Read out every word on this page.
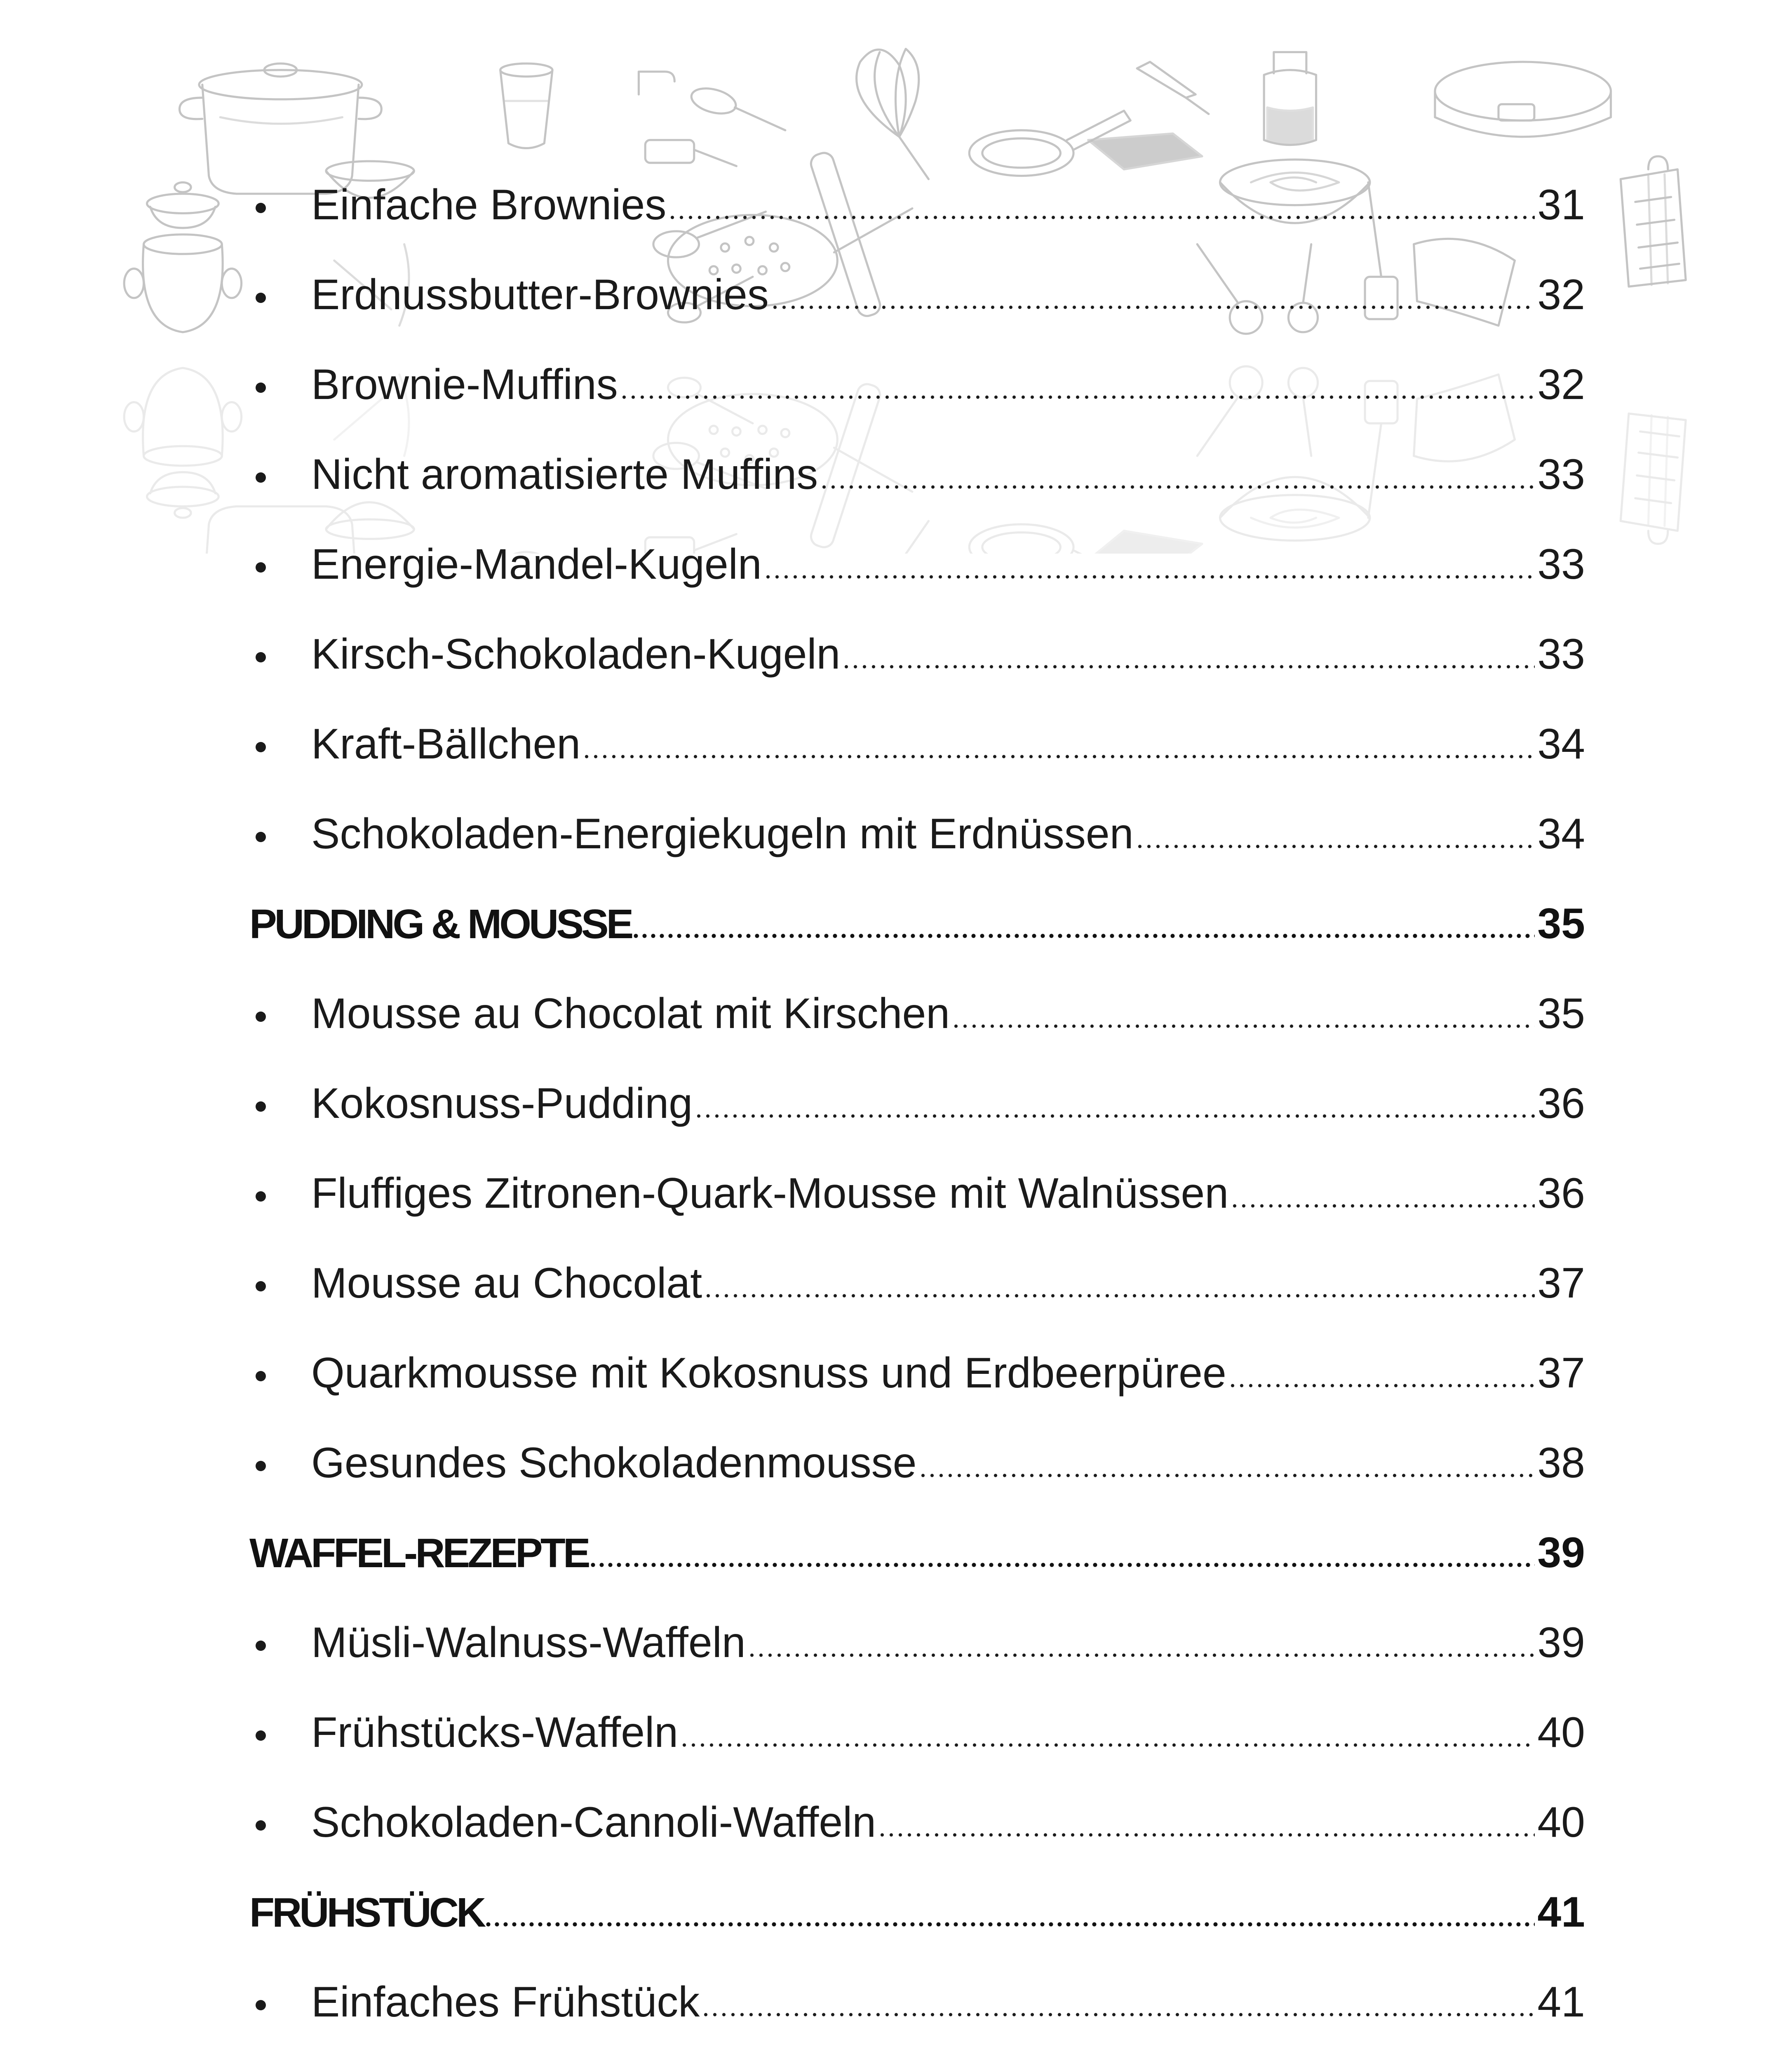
Einfache Brownies	31
Erdnussbutter-Brownies	32
Brownie-Muffins	32
Nicht aromatisierte Muffins	33
Energie-Mandel-Kugeln	33
Kirsch-Schokoladen-Kugeln	33
Kraft-Bällchen	34
Schokoladen-Energiekugeln mit Erdnüssen	34
PUDDING & MOUSSE	35
Mousse au Chocolat mit Kirschen	35
Kokosnuss-Pudding	36
Fluffiges Zitronen-Quark-Mousse mit Walnüssen	36
Mousse au Chocolat	37
Quarkmousse mit Kokosnuss und Erdbeerpüree	37
Gesundes Schokoladenmousse	38
WAFFEL-REZEPTE	39
Müsli-Walnuss-Waffeln	39
Frühstücks-Waffeln	40
Schokoladen-Cannoli-Waffeln	40
FRÜHSTÜCK	41
Einfaches Frühstück	41
